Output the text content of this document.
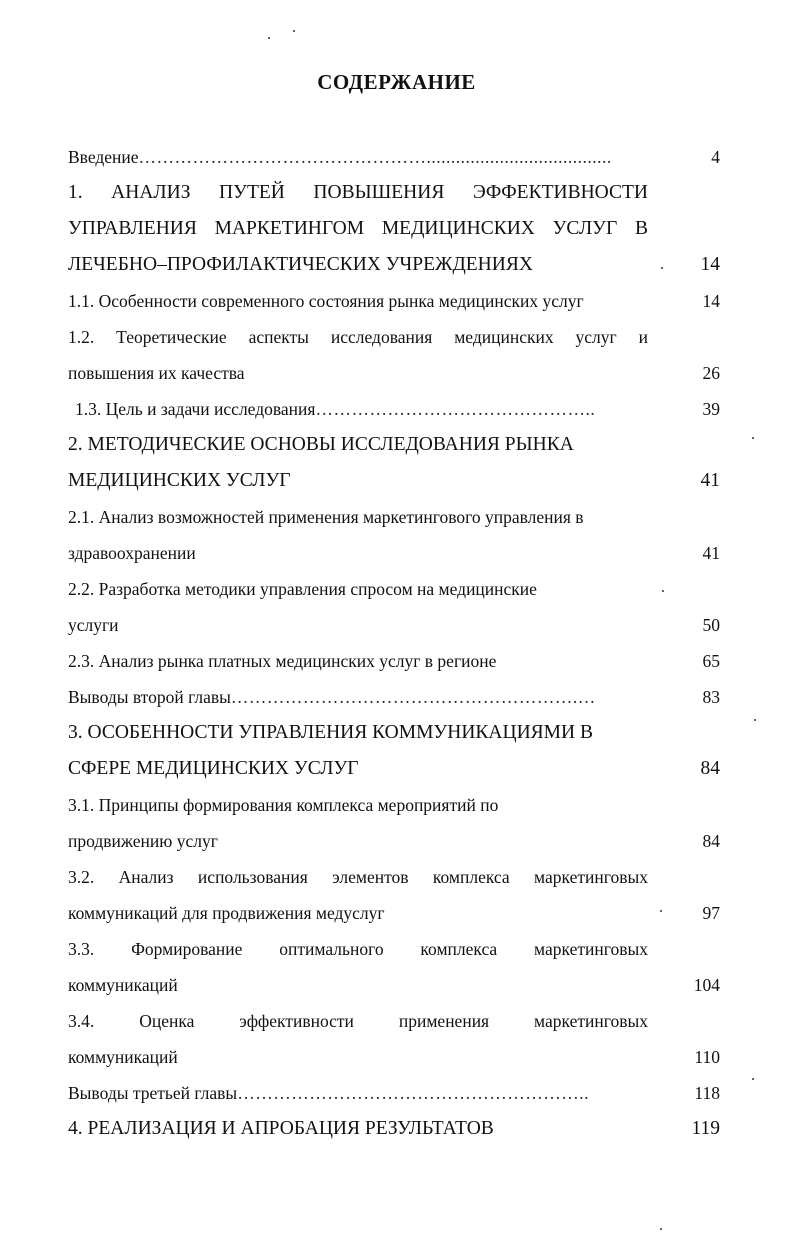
СОДЕРЖАНИЕ
Введение …………………………………………......................................	4
1. АНАЛИЗ ПУТЕЙ ПОВЫШЕНИЯ ЭФФЕКТИВНОСТИ
УПРАВЛЕНИЯ МАРКЕТИНГОМ МЕДИЦИНСКИХ УСЛУГ В
ЛЕЧЕБНО–ПРОФИЛАКТИЧЕСКИХ УЧРЕЖДЕНИЯХ	14
1.1. Особенности современного состояния рынка медицинских услуг	14
1.2. Теоретические аспекты исследования медицинских услуг и
повышения их качества	26
1.3. Цель и задачи исследования ………………………………………..	39
2. МЕТОДИЧЕСКИЕ ОСНОВЫ ИССЛЕДОВАНИЯ РЫНКА
МЕДИЦИНСКИХ УСЛУГ	41
2.1. Анализ возможностей применения маркетингового управления в
здравоохранении	41
2.2. Разработка методики управления спросом на медицинские
услуги	50
2.3. Анализ рынка платных медицинских услуг в регионе	65
Выводы второй главы ………………………………………………….…	83
3. ОСОБЕННОСТИ УПРАВЛЕНИЯ КОММУНИКАЦИЯМИ В
СФЕРЕ МЕДИЦИНСКИХ УСЛУГ	84
3.1. Принципы формирования комплекса мероприятий по
продвижению услуг	84
3.2. Анализ использования элементов комплекса маркетинговых
коммуникаций для продвижения медуслуг	97
3.3. Формирование оптимального комплекса маркетинговых
коммуникаций	104
3.4. Оценка эффективности применения маркетинговых
коммуникаций	110
Выводы третьей главы …………………………………………………..	118
4. РЕАЛИЗАЦИЯ И АПРОБАЦИЯ РЕЗУЛЬТАТОВ	119
